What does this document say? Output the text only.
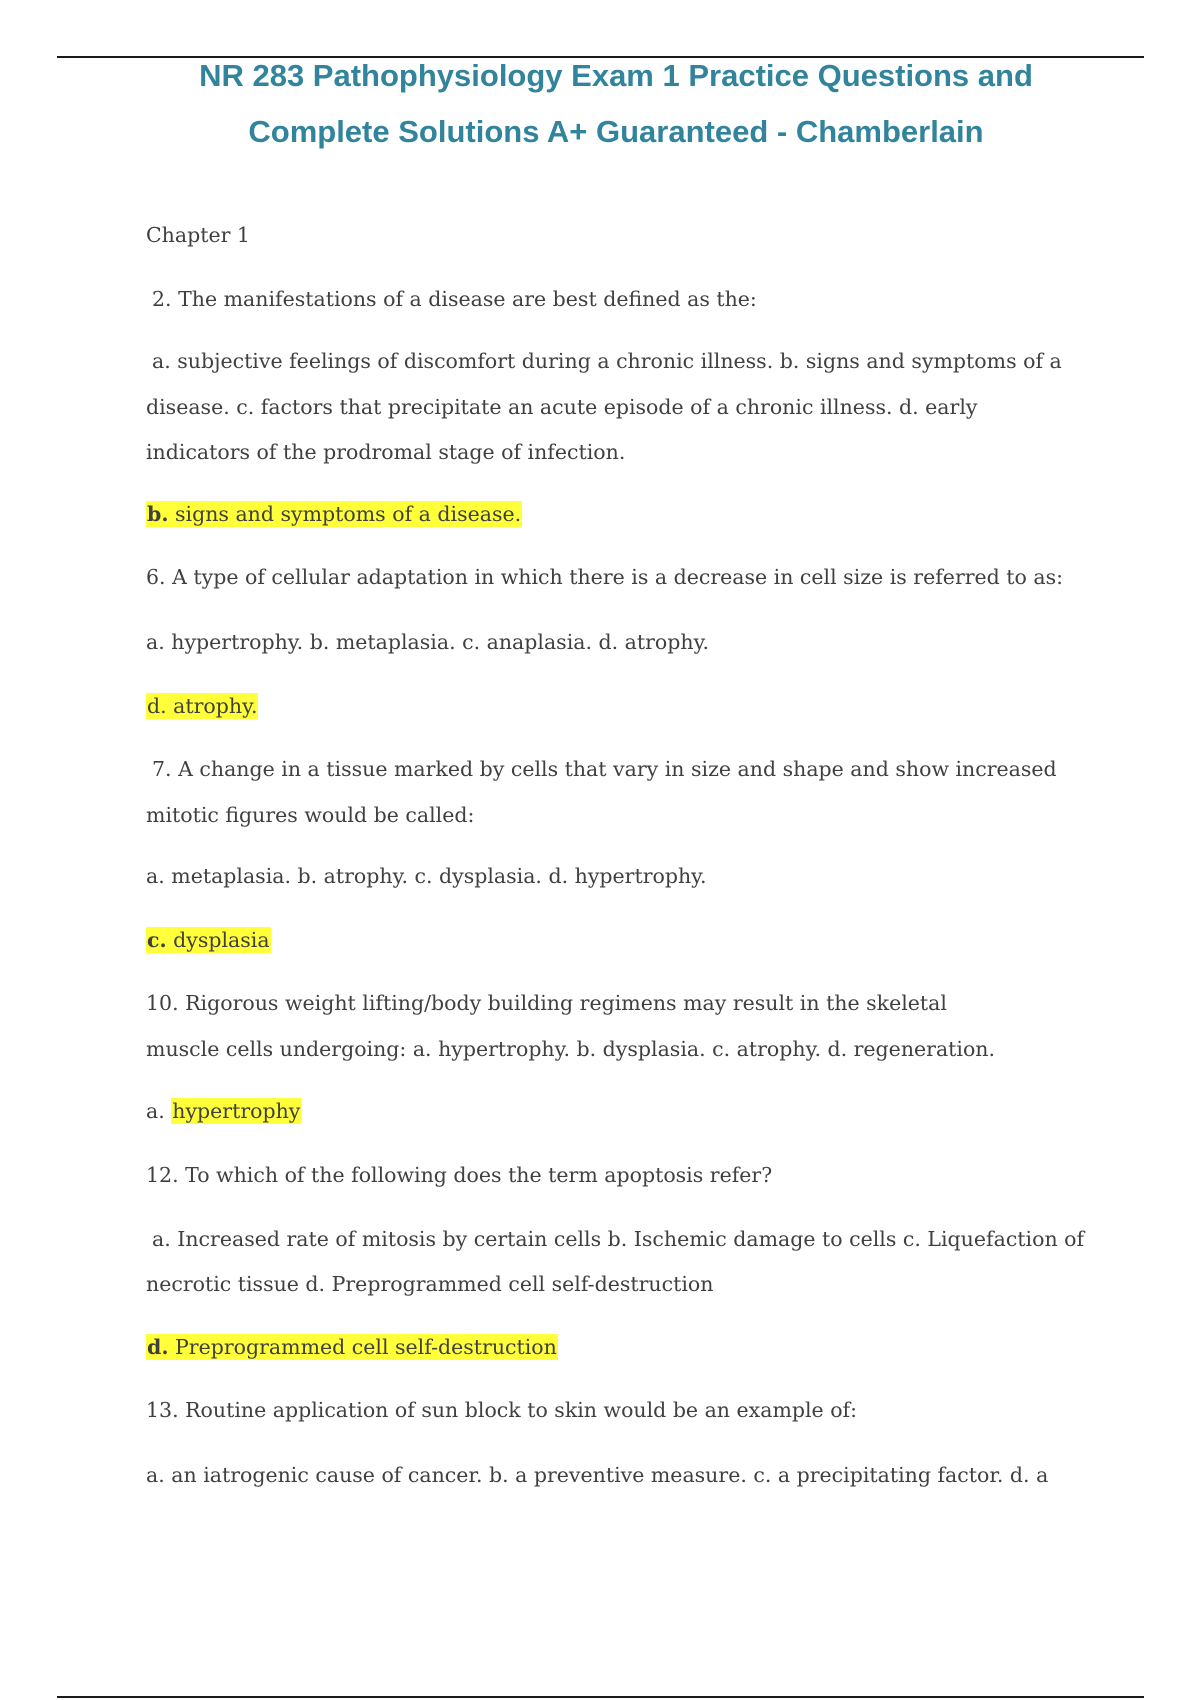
NR 283 Pathophysiology Exam 1 Practice Questions and
Complete Solutions A+ Guaranteed - Chamberlain

Chapter 1

2. The manifestations of a disease are best defined as the:

a. subjective feelings of discomfort during a chronic illness. b. signs and symptoms of a

disease. c. factors that precipitate an acute episode of a chronic illness. d. early

indicators of the prodromal stage of infection.

b. signs and symptoms of a disease.

6. A type of cellular adaptation in which there is a decrease in cell size is referred to as:

a. hypertrophy. b. metaplasia. c. anaplasia. d. atrophy.

d. atrophy.

7. A change in a tissue marked by cells that vary in size and shape and show increased

mitotic figures would be called:

a. metaplasia. b. atrophy. c. dysplasia. d. hypertrophy.

c. dysplasia

10. Rigorous weight lifting/body building regimens may result in the skeletal

muscle cells undergoing: a. hypertrophy. b. dysplasia. c. atrophy. d. regeneration.

a. hypertrophy

12. To which of the following does the term apoptosis refer?

a. Increased rate of mitosis by certain cells b. Ischemic damage to cells c. Liquefaction of

necrotic tissue d. Preprogrammed cell self-destruction

d. Preprogrammed cell self-destruction

13. Routine application of sun block to skin would be an example of:

a. an iatrogenic cause of cancer. b. a preventive measure. c. a precipitating factor. d. a
